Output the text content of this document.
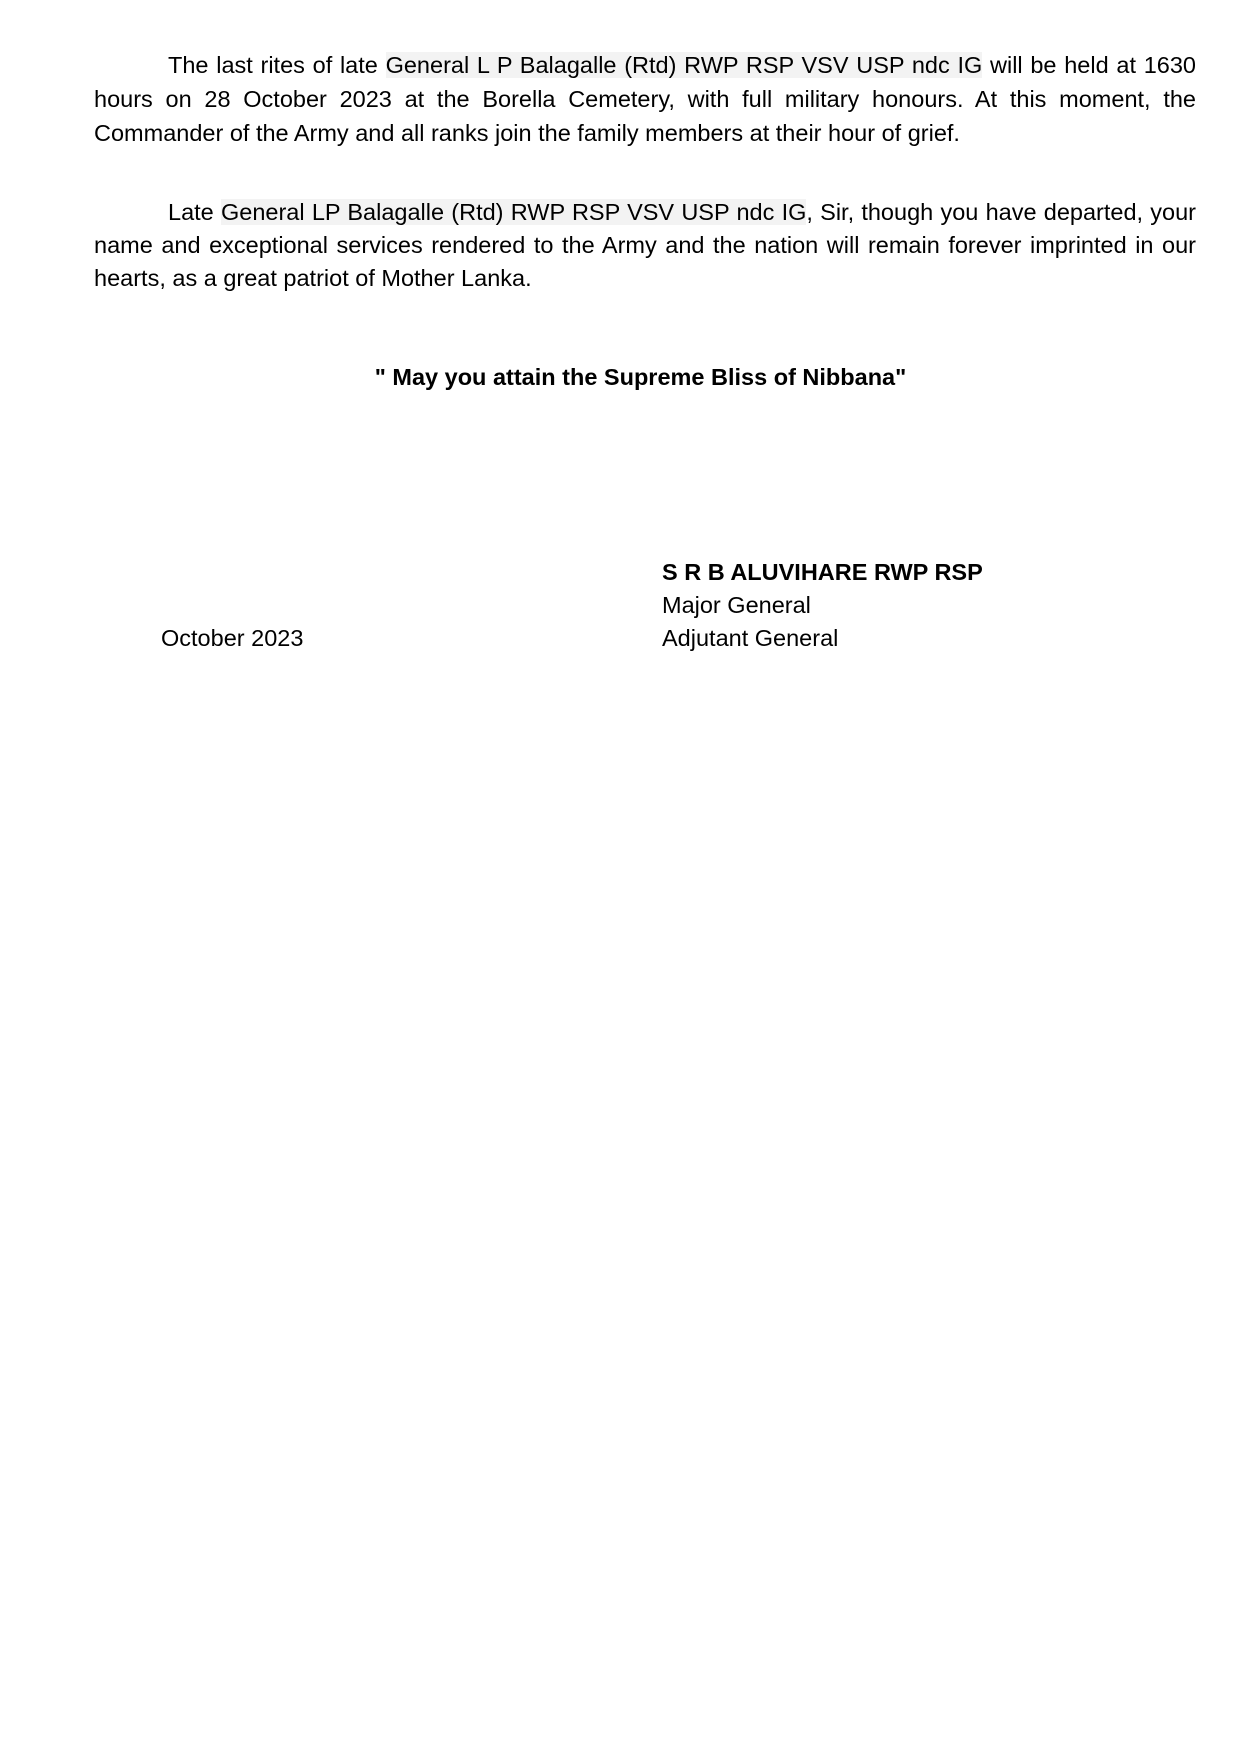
The last rites of late General L P Balagalle (Rtd) RWP RSP VSV USP ndc IG will be held at 1630 hours on 28 October 2023 at the Borella Cemetery, with full military honours. At this moment, the Commander of the Army and all ranks join the family members at their hour of grief.

Late General LP Balagalle (Rtd) RWP RSP VSV USP ndc IG, Sir, though you have departed, your name and exceptional services rendered to the Army and the nation will remain forever imprinted in our hearts, as a great patriot of Mother Lanka.

" May you attain the Supreme Bliss of Nibbana"

S R B ALUVIHARE RWP RSP
Major General
Adjutant General
October 2023
